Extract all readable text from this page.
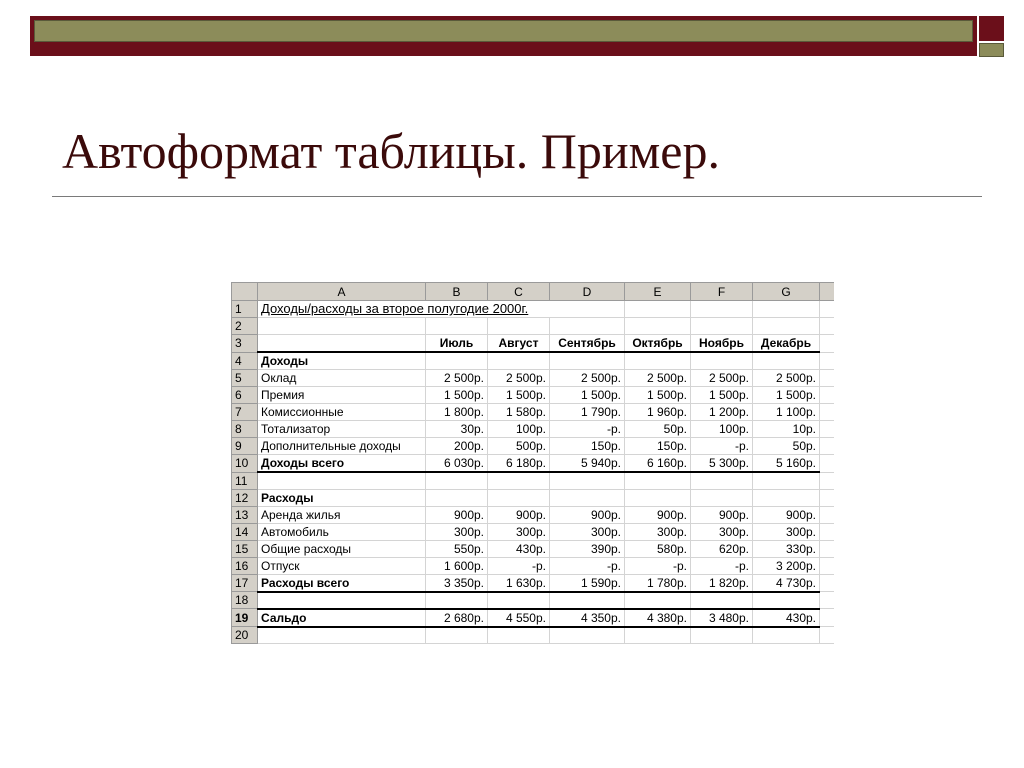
Автоформат таблицы. Пример.
	A	B	C	D	E	F	G	
1	Доходы/расходы за второе полугодие 2000г.							
2								
3		Июль	Август	Сентябрь	Октябрь	Ноябрь	Декабрь	
4	Доходы							
5	Оклад	2 500р.	2 500р.	2 500р.	2 500р.	2 500р.	2 500р.	
6	Премия	1 500р.	1 500р.	1 500р.	1 500р.	1 500р.	1 500р.	
7	Комиссионные	1 800р.	1 580р.	1 790р.	1 960р.	1 200р.	1 100р.	
8	Тотализатор	30р.	100р.	-р.	50р.	100р.	10р.	
9	Дополнительные доходы	200р.	500р.	150р.	150р.	-р.	50р.	
10	Доходы всего	6 030р.	6 180р.	5 940р.	6 160р.	5 300р.	5 160р.	
11								
12	Расходы							
13	Аренда жилья	900р.	900р.	900р.	900р.	900р.	900р.	
14	Автомобиль	300р.	300р.	300р.	300р.	300р.	300р.	
15	Общие расходы	550р.	430р.	390р.	580р.	620р.	330р.	
16	Отпуск	1 600р.	-р.	-р.	-р.	-р.	3 200р.	
17	Расходы всего	3 350р.	1 630р.	1 590р.	1 780р.	1 820р.	4 730р.	
18								
19	Сальдо	2 680р.	4 550р.	4 350р.	4 380р.	3 480р.	430р.	
20								
